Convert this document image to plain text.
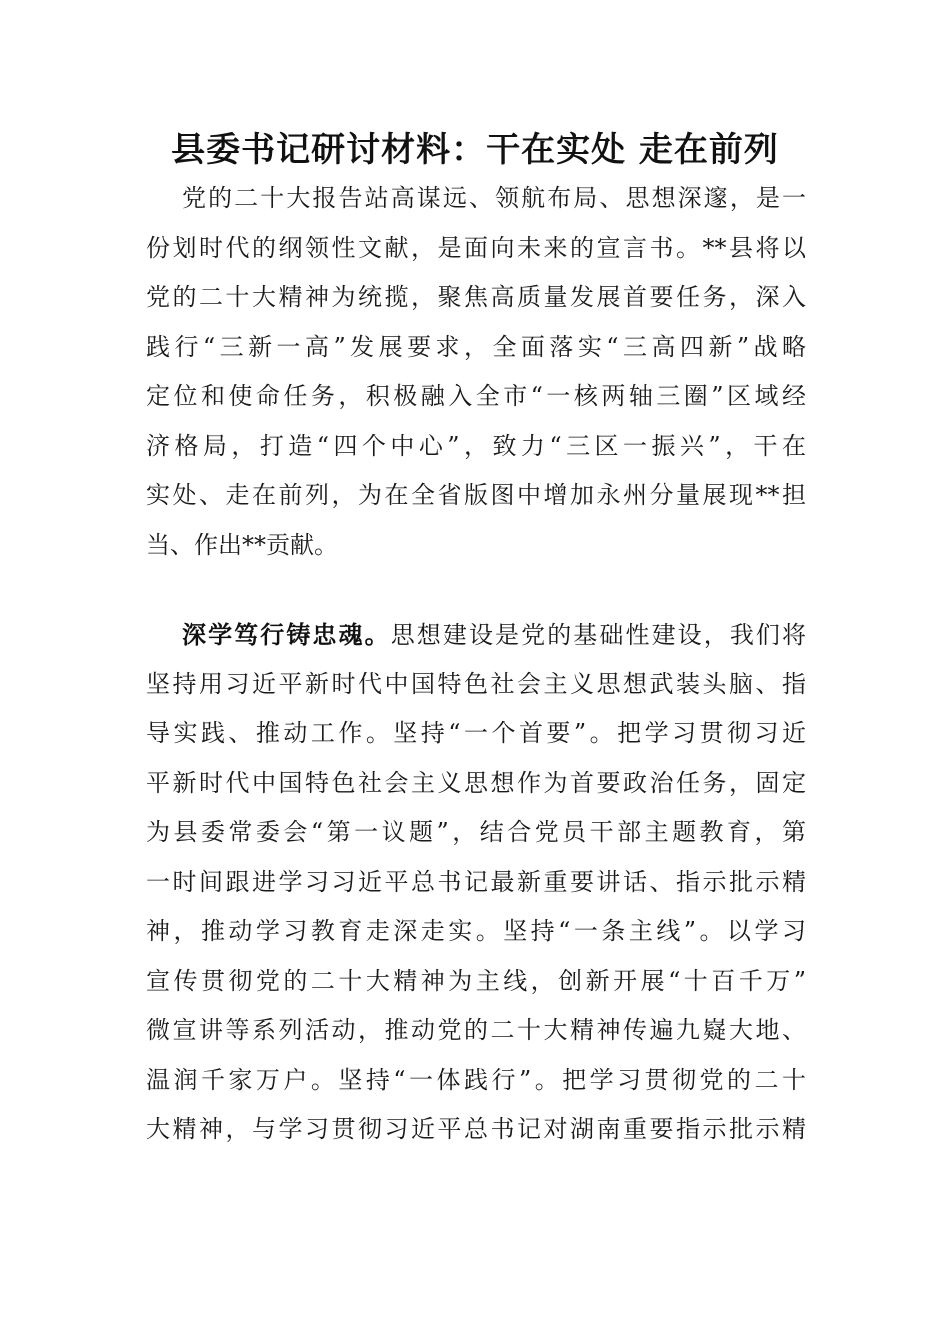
县委书记研讨材料：干在实处 走在前列
党的二十大报告站高谋远、领航布局、思想深邃，是一
份划时代的纲领性文献，是面向未来的宣言书。**县将以
党的二十大精神为统揽，聚焦高质量发展首要任务，深入
践行“三新一高”发展要求，全面落实“三高四新”战略
定位和使命任务，积极融入全市“一核两轴三圈”区域经
济格局，打造“四个中心”，致力“三区一振兴”，干在
实处、走在前列，为在全省版图中增加永州分量展现**担
当、作出**贡献。
深学笃行铸忠魂。思想建设是党的基础性建设，我们将
坚持用习近平新时代中国特色社会主义思想武装头脑、指
导实践、推动工作。坚持“一个首要”。把学习贯彻习近
平新时代中国特色社会主义思想作为首要政治任务，固定
为县委常委会“第一议题”，结合党员干部主题教育，第
一时间跟进学习习近平总书记最新重要讲话、指示批示精
神，推动学习教育走深走实。坚持“一条主线”。以学习
宣传贯彻党的二十大精神为主线，创新开展“十百千万”
微宣讲等系列活动，推动党的二十大精神传遍九嶷大地、
温润千家万户。坚持“一体践行”。把学习贯彻党的二十
大精神，与学习贯彻习近平总书记对湖南重要指示批示精
